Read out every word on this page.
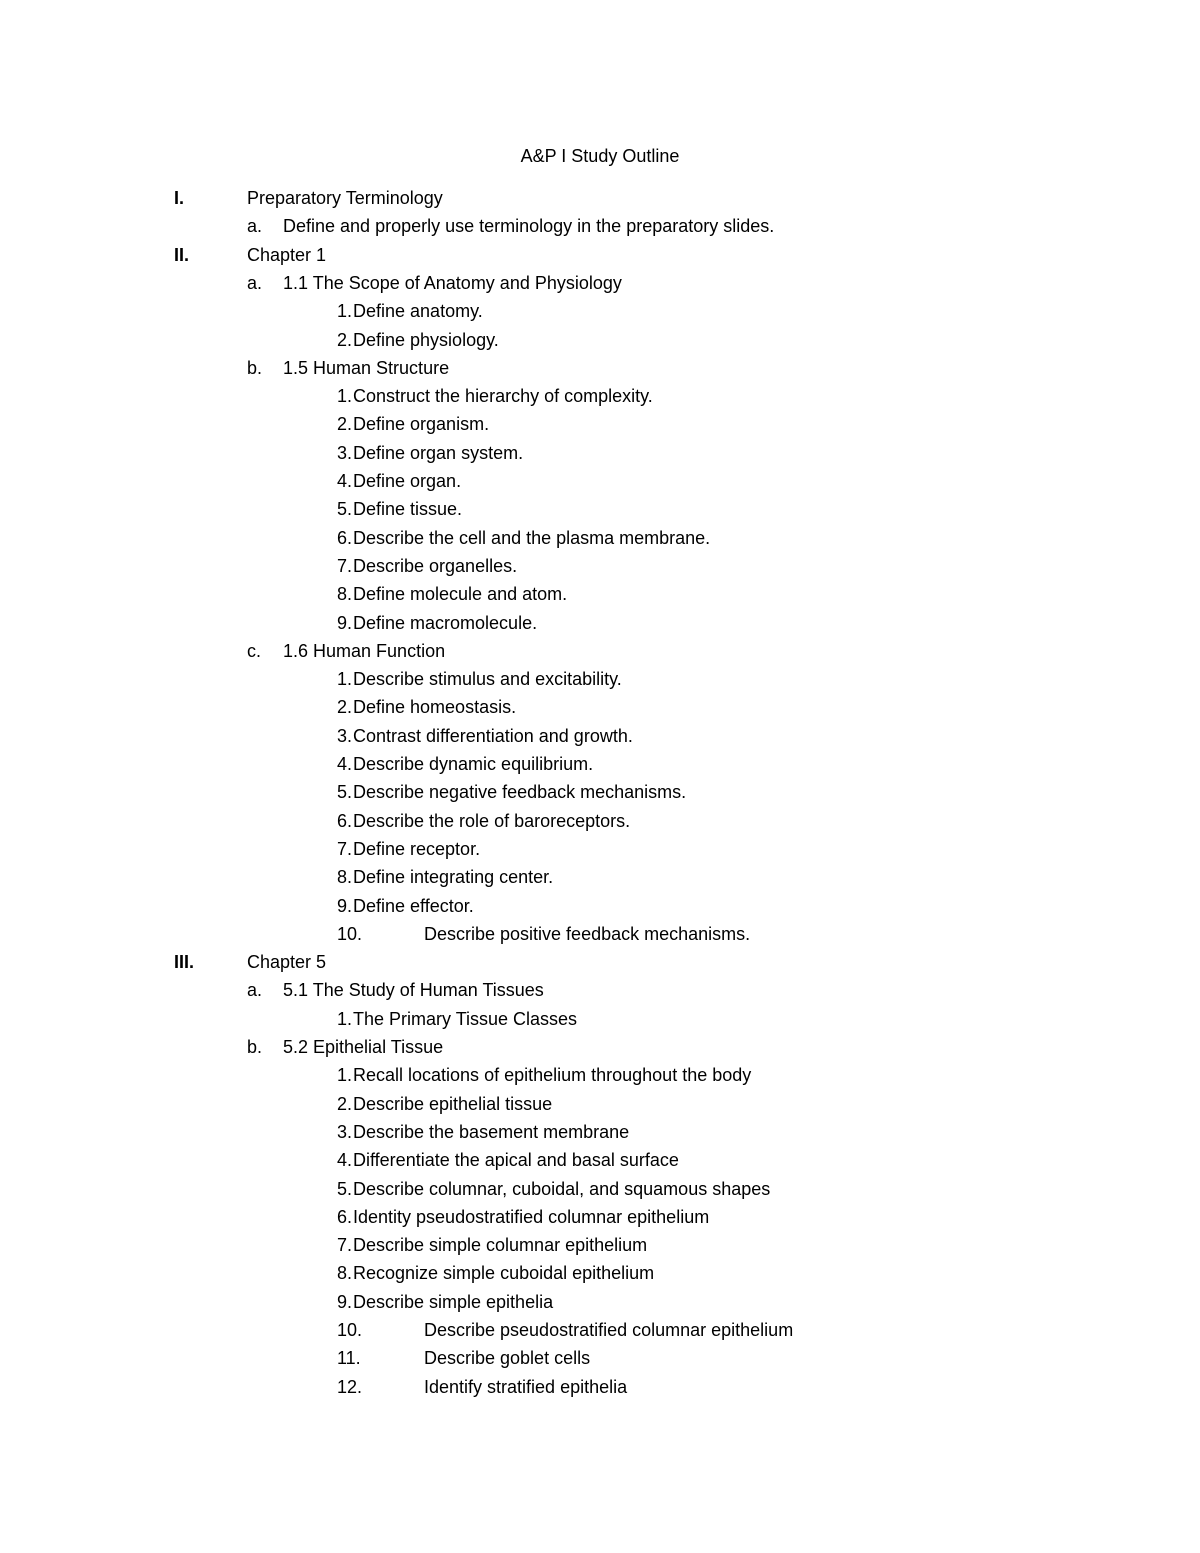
A&P I Study Outline
I.	Preparatory Terminology
a. Define and properly use terminology in the preparatory slides.
II.	Chapter 1
a. 1.1 The Scope of Anatomy and Physiology
1. Define anatomy.
2. Define physiology.
b. 1.5 Human Structure
1. Construct the hierarchy of complexity.
2. Define organism.
3. Define organ system.
4. Define organ.
5. Define tissue.
6. Describe the cell and the plasma membrane.
7. Describe organelles.
8. Define molecule and atom.
9. Define macromolecule.
c. 1.6 Human Function
1. Describe stimulus and excitability.
2. Define homeostasis.
3. Contrast differentiation and growth.
4. Describe dynamic equilibrium.
5. Describe negative feedback mechanisms.
6. Describe the role of baroreceptors.
7. Define receptor.
8. Define integrating center.
9. Define effector.
10.	Describe positive feedback mechanisms.
III.	Chapter 5
a. 5.1 The Study of Human Tissues
1. The Primary Tissue Classes
b. 5.2 Epithelial Tissue
1. Recall locations of epithelium throughout the body
2. Describe epithelial tissue
3. Describe the basement membrane
4. Differentiate the apical and basal surface
5. Describe columnar, cuboidal, and squamous shapes
6. Identity pseudostratified columnar epithelium
7. Describe simple columnar epithelium
8. Recognize simple cuboidal epithelium
9. Describe simple epithelia
10.	Describe pseudostratified columnar epithelium
11.	Describe goblet cells
12.	Identify stratified epithelia
